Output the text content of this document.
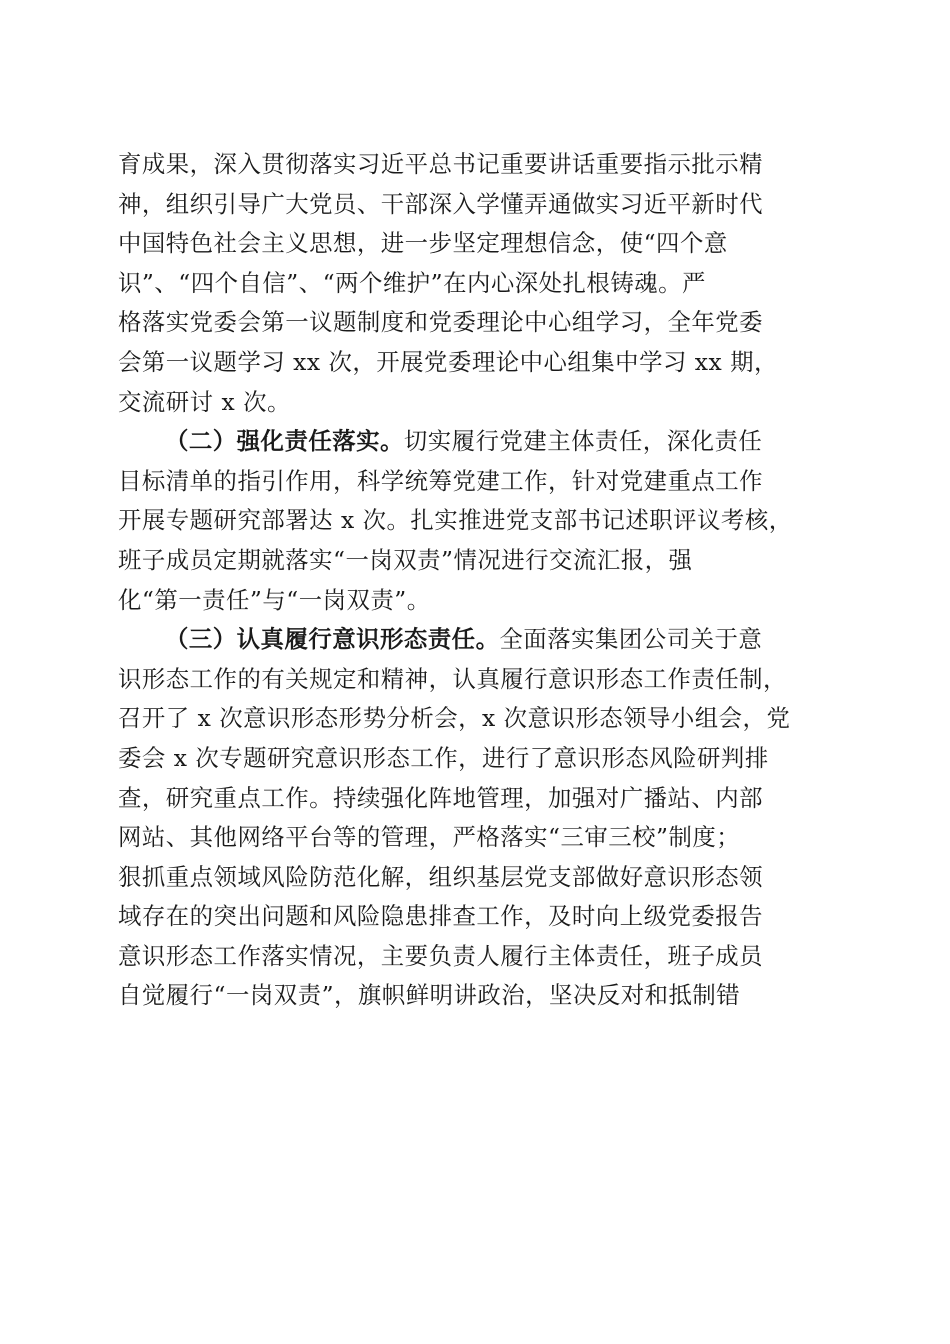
育成果，深入贯彻落实习近平总书记重要讲话重要指示批示精
神，组织引导广大党员、干部深入学懂弄通做实习近平新时代
中国特色社会主义思想，进一步坚定理想信念，使“四个意
识”、“四个自信”、“两个维护”在内心深处扎根铸魂。严
格落实党委会第一议题制度和党委理论中心组学习，全年党委
会第一议题学习 xx 次，开展党委理论中心组集中学习 xx 期，
交流研讨 x 次。
（二）强化责任落实。切实履行党建主体责任，深化责任
目标清单的指引作用，科学统筹党建工作，针对党建重点工作
开展专题研究部署达 x 次。扎实推进党支部书记述职评议考核，
班子成员定期就落实“一岗双责”情况进行交流汇报，强
化“第一责任”与“一岗双责”。
（三）认真履行意识形态责任。全面落实集团公司关于意
识形态工作的有关规定和精神，认真履行意识形态工作责任制，
召开了 x 次意识形态形势分析会，x 次意识形态领导小组会，党
委会 x 次专题研究意识形态工作，进行了意识形态风险研判排
查，研究重点工作。持续强化阵地管理，加强对广播站、内部
网站、其他网络平台等的管理，严格落实“三审三校”制度；
狠抓重点领域风险防范化解，组织基层党支部做好意识形态领
域存在的突出问题和风险隐患排查工作，及时向上级党委报告
意识形态工作落实情况，主要负责人履行主体责任，班子成员
自觉履行“一岗双责”，旗帜鲜明讲政治，坚决反对和抵制错
